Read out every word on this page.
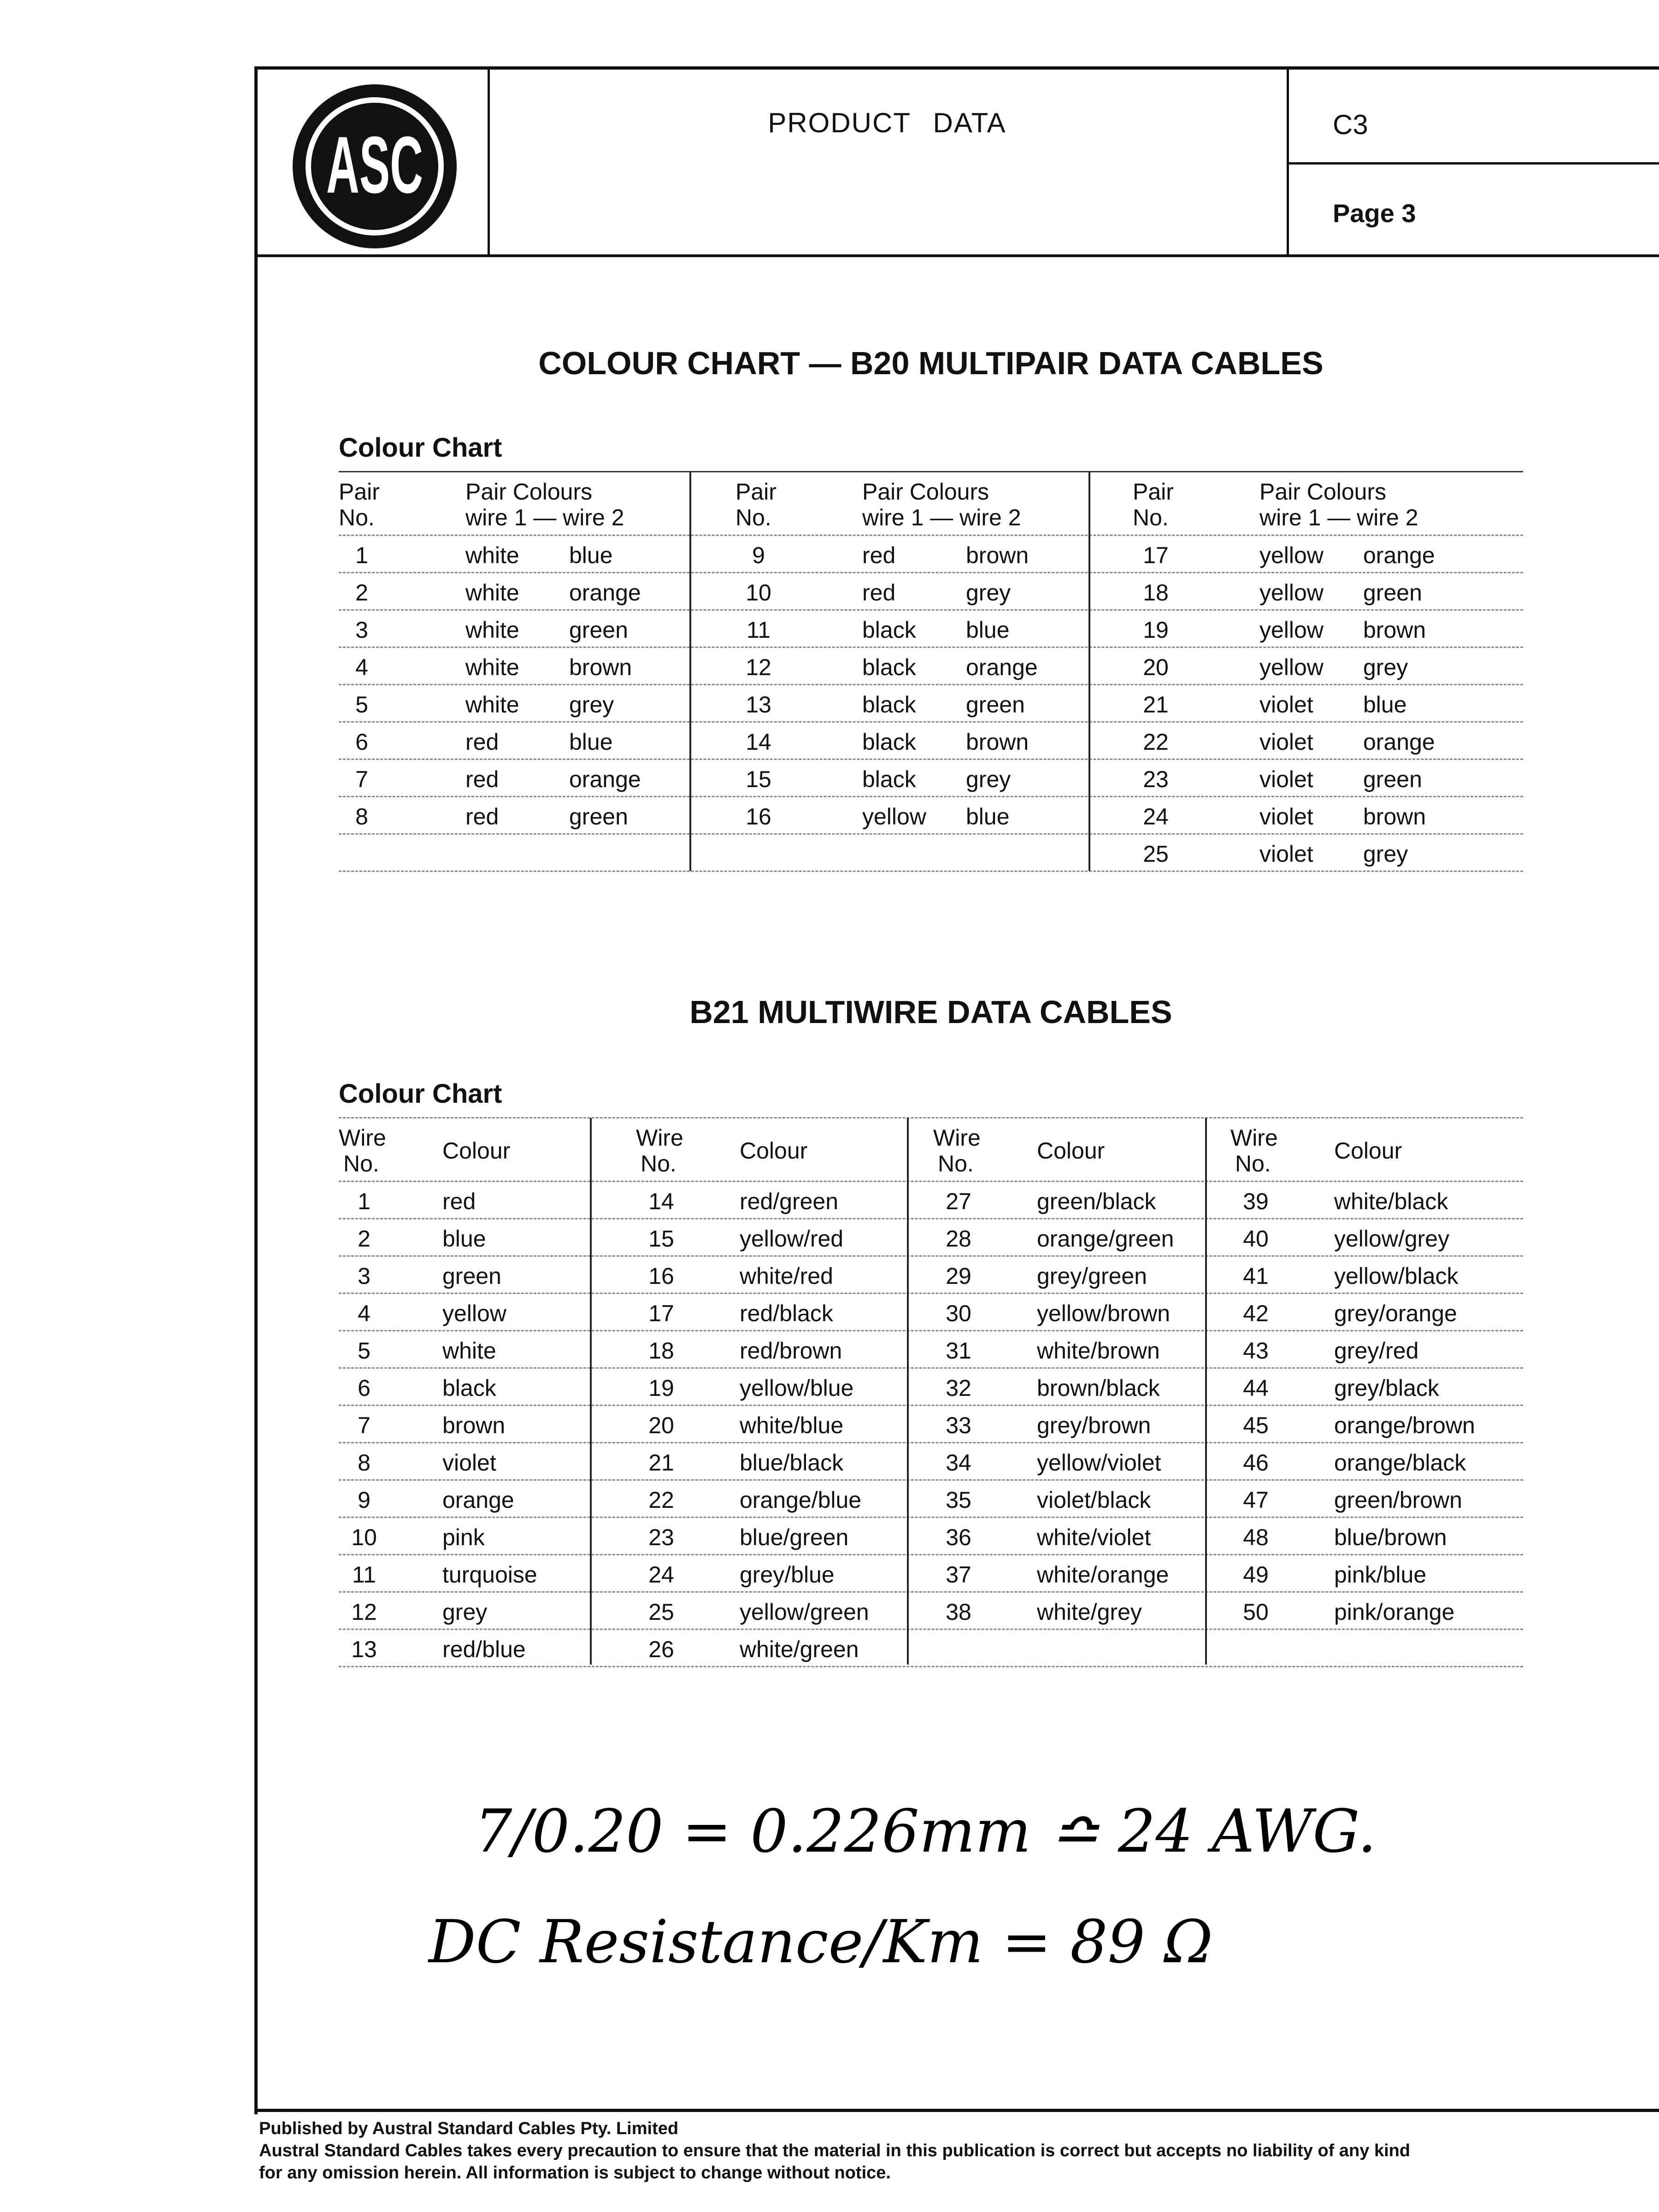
ASC	PRODUCT DATA	C3
Page 3
COLOUR CHART — B20 MULTIPAIR DATA CABLES
Colour Chart
Pair
No.
Pair Colours
wire 1 — wire 2
1	white blue
2	white orange
3	white green
4	white brown
5	white grey
6	red	blue
7	red	orange
8	red	green
Pair
No.
Pair Colours
wire 1 — wire 2
9	red	brown
10	red	grey
11	black blue
12	black orange
13	black green
14	black brown
15	black grey
16	yellow blue
Pair
No.
Pair Colours
wire 1 — wire 2
17	yellow orange
18	yellow green
19	yellow brown
20	yellow grey
21	violet blue
22	violet orange
23	violet green
24	violet brown
25	violet grey
B21 MULTIWIRE DATA CABLES
Colour Chart
Wire
No.	Colour
1	red
2	blue
3	green
4	yellow
5	white
6	black
7	brown
8	violet
9	orange
10	pink
11	turquoise
12	grey
13	red/blue
Wire
No.	Colour
14	red/green
15	yellow/red
16	white/red
17	red/black
18	red/brown
19	yellow/blue
20	white/blue
21	blue/black
22	orange/blue
23	blue/green
24	grey/blue
25	yellow/green
26	white/green
Wire
No.	Colour
27	green/black
28	orange/green
29	grey/green
30	yellow/brown
31	white/brown
32	brown/black
33	grey/brown
34	yellow/violet
35	violet/black
36	white/violet
37	white/orange
38	white/grey
Wire
No.	Colour
39	white/black
40	yellow/grey
41	yellow/black
42	grey/orange
43	grey/red
44	grey/black
45	orange/brown
46	orange/black
47	green/brown
48	blue/brown
49	pink/blue
50	pink/orange
7/0.20 = 0.226mm ≏ 24 AWG.
DC Resistance/Km = 89 Ω
Published by Austral Standard Cables Pty. Limited
Austral Standard Cables takes every precaution to ensure that the material in this publication is correct but accepts no liability of any kind
for any omission herein. All information is subject to change without notice.
